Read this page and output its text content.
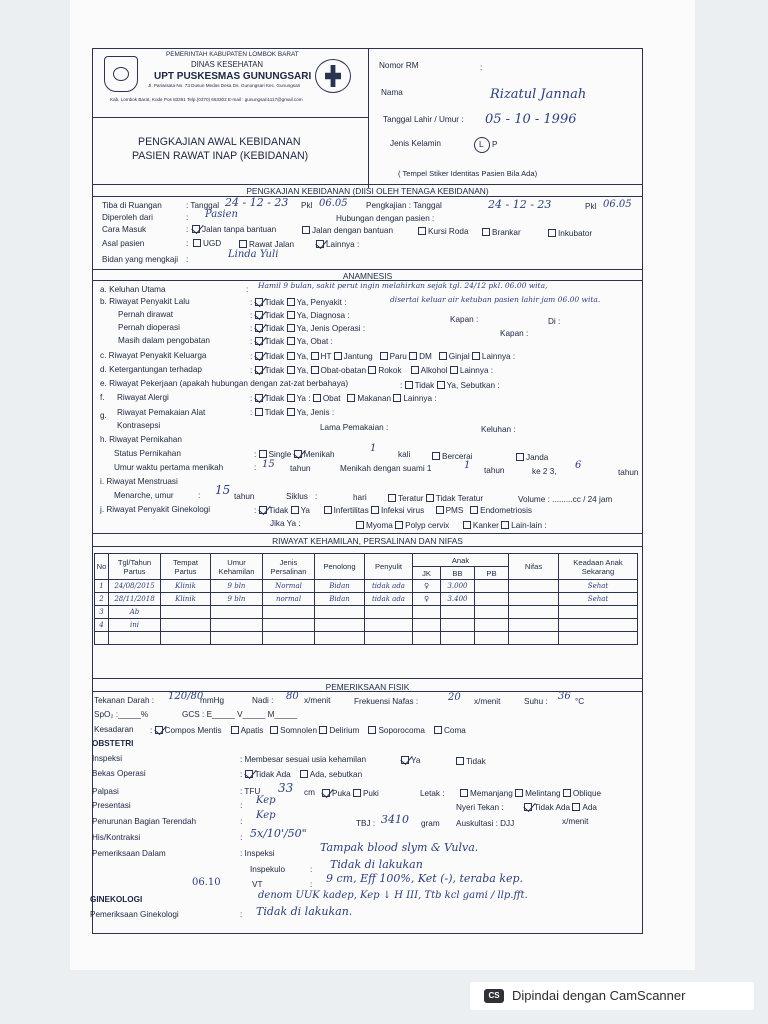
PEMERINTAH KABUPATEN LOMBOK BARAT
DINAS KESEHATAN
UPT PUSKESMAS GUNUNGSARI
Jl. Pariwisata No. 73 Dusun Medas Desa Ds. Gunungsari Kec. Gunungsari
Kab. Lombok Barat, Kode Pos 83351 Telp.(0370) 663302 E-mail : gunungsari1117@gmail.com
PENGKAJIAN AWAL KEBIDANAN
PASIEN RAWAT INAP (KEBIDANAN)
Nomor RM	:
Nama	Rizatul Jannah
Tanggal Lahir / Umur : 05 - 10 - 1996
Jenis Kelamin	L P
( Tempel Stiker Identitas Pasien Bila Ada)
PENGKAJIAN KEBIDANAN (DIISI OLEH TENAGA KEBIDANAN)
Tiba di Ruangan	: Tanggal 24 - 12 - 23 Pkl 06.05 Pengkajian : Tanggal	24 - 12 - 23	Pkl 06.05
Diperoleh dari	: Pasien	Hubungan dengan pasien :
Cara Masuk	:	Jalan tanpa bantuan	Jalan dengan bantuan	Kursi Roda	Brankar	Inkubator
Asal pasien	:	UGD	Rawat Jalan	Lainnya :
Bidan yang mengkaji :	Linda Yuli
ANAMNESIS
a. Keluhan Utama	: Hamil 9 bulan, sakit perut ingin melahirkan sejak tgl. 24/12 pkl. 06.00 wita,
disertai keluar air ketuban pasien lahir jam 06.00 wita.
b. Riwayat Penyakit Lalu	: Tidak Ya, Penyakit :
Pernah dirawat	: Tidak Ya, Diagnosa :	Kapan :	Di :
Pernah dioperasi	: Tidak Ya, Jenis Operasi :
Kapan :
Masih dalam pengobatan	: Tidak Ya, Obat :
c. Riwayat Penyakit Keluarga	: Tidak Ya, HT Jantung Paru DM Ginjal Lainnya :
d. Ketergantungan terhadap	: Tidak Ya, Obat-obatan Rokok Alkohol Lainnya :
e. Riwayat Pekerjaan (apakah hubungan dengan zat-zat berbahaya)	: Tidak Ya, Sebutkan :
f. Riwayat Alergi	: Tidak Ya : Obat Makanan Lainnya :
g. Riwayat Pemakaian Alat Kontrasepsi
: Tidak Ya, Jenis :
Lama Pemakaian :	Keluhan :
h. Riwayat Pernikahan
Status Pernikahan	: Single Menikah
1
kali	Bercerai	Janda
Umur waktu pertama menikah	: 15 tahun	Menikah dengan suami 1	1 tahun	ke 2 3,
6
tahun
i. Riwayat Menstruasi
Menarche, umur	: 15 tahun	Siklus :	hari	Teratur Tidak Teratur	Volume : .........cc / 24 jam
j. Riwayat Penyakit Ginekologi	: Tidak Ya	Infertilitas Infeksi virus	PMS Endometriosis
Jika Ya :	Myoma Polyp cervix	Kanker Lain-lain :
RIWAYAT KEHAMILAN, PERSALINAN DAN NIFAS
No	Tgl/Tahun Partus	Tempat Partus	Umur Kehamilan	Jenis Persalinan	Penolong	Penyulit	Anak			Nifas	Keadaan Anak Sekarang
							JK	BB	PB		
1	24/08/2015	Klinik	9 bln	Normal	Bidan	tidak ada	♀	3.000			Sehat
2	28/11/2018	Klinik	9 bln	normal	Bidan	tidak ada	♀	3.400			Sehat
3	Ab										
4	ini										

PEMERIKSAAN FISIK
Tekanan Darah : 120/80
mmHg	Nadi : 80 x/menit	Frekuensi Nafas :	20 x/menit	Suhu : 36 °C
SpO₂ :_____%	GCS : E_____ V_____ M_____
Kesadaran : Compos Mentis Apatis Somnolen Delirium Soporocoma Coma
OBSTETRI
Inspeksi	: Membesar sesuai usia kehamilan	Ya	Tidak
Bekas Operasi	: Tidak Ada Ada, sebutkan
Palpasi	: TFU 33 cm	Puka Puki	Letak :	Memanjang Melintang Oblique
Presentasi	: Kep
Nyeri Tekan :	Tidak Ada Ada
Penurunan Bagian Terendah	:
Kep
TBJ : 3410 gram Auskultasi : DJJ	x/menit
His/Kontraksi	: 5x/10'/50"
Pemeriksaan Dalam	: Inspeksi	Tampak blood slym & Vulva.
Inspekulo	: Tidak di lakukan
06.10	VT	: 9 cm, Eff 100%, Ket (-), teraba kep.
denom UUK kadep, Kep ↓ H III, Ttb kcl gami / llp.fft.
GINEKOLOGI
Pemeriksaan Ginekologi	: Tidak di lakukan.
CS Dipindai dengan CamScanner
